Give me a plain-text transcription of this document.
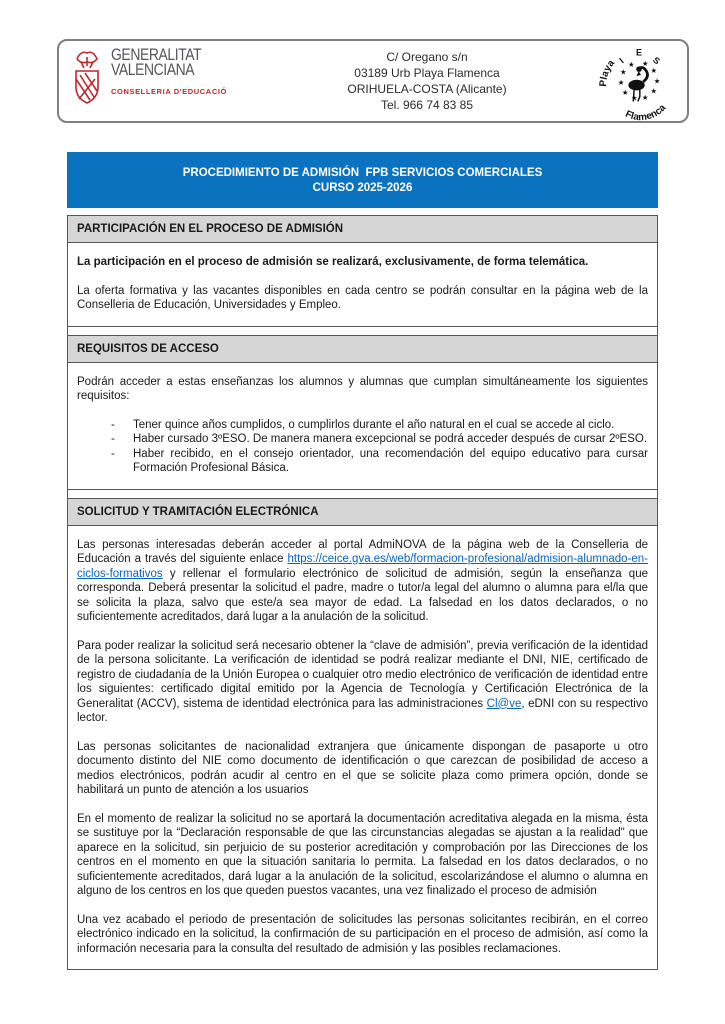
GENERALITAT
VALENCIANA
CONSELLERIA D'EDUCACIÓ
C/ Oregano s/n
03189 Urb Playa Flamenca
ORIHUELA-COSTA (Alicante)
Tel. 966 74 83 85
★
★
★
★
★
★
★
★
★
★
I
E
S
Playa
Flamenca
PROCEDIMIENTO DE ADMISIÓN  FPB SERVICIOS COMERCIALES
CURSO 2025-2026
PARTICIPACIÓN EN EL PROCESO DE ADMISIÓN

La participación en el proceso de admisión se realizará, exclusivamente, de forma telemática.

La oferta formativa y las vacantes disponibles en cada centro se podrán consultar en la página web de la Conselleria de Educación, Universidades y Empleo.

REQUISITOS DE ACCESO

Podrán acceder a estas enseñanzas los alumnos y alumnas que cumplan simultáneamente los siguientes requisitos:

- Tener quince años cumplidos, o cumplirlos durante el año natural en el cual se accede al ciclo.
- Haber cursado 3ºESO. De manera manera excepcional se podrá acceder después de cursar 2ºESO.
- Haber recibido, en el consejo orientador, una recomendación del equipo educativo para cursar Formación Profesional Básica.
SOLICITUD Y TRAMITACIÓN ELECTRÓNICA

Las personas interesadas deberán acceder al portal AdmiNOVA de la página web de la Conselleria de Educación a través del siguiente enlace https://ceice.gva.es/web/formacion-profesional/admision-alumnado-en-ciclos-formativos y rellenar el formulario electrónico de solicitud de admisión, según la enseñanza que corresponda. Deberá presentar la solicitud el padre, madre o tutor/a legal del alumno o alumna para el/la que se solicita la plaza, salvo que este/a sea mayor de edad. La falsedad en los datos declarados, o no suficientemente acreditados, dará lugar a la anulación de la solicitud.

Para poder realizar la solicitud será necesario obtener la “clave de admisión”, previa verificación de la identidad de la persona solicitante. La verificación de identidad se podrá realizar mediante el DNI, NIE, certificado de registro de ciudadanía de la Unión Europea o cualquier otro medio electrónico de verificación de identidad entre los siguientes: certificado digital emitido por la Agencia de Tecnología y Certificación Electrónica de la Generalitat (ACCV), sistema de identidad electrónica para las administraciones Cl@ve, eDNI con su respectivo lector.

Las personas solicitantes de nacionalidad extranjera que únicamente dispongan de pasaporte u otro documento distinto del NIE como documento de identificación o que carezcan de posibilidad de acceso a medios electrónicos, podrán acudir al centro en el que se solicite plaza como primera opción, donde se habilitará un punto de atención a los usuarios

En el momento de realizar la solicitud no se aportará la documentación acreditativa alegada en la misma, ésta se sustituye por la “Declaración responsable de que las circunstancias alegadas se ajustan a la realidad" que aparece en la solicitud, sin perjuicio de su posterior acreditación y comprobación por las Direcciones de los centros en el momento en que la situación sanitaria lo permita. La falsedad en los datos declarados, o no suficientemente acreditados, dará lugar a la anulación de la solicitud, escolarizándose el alumno o alumna en alguno de los centros en los que queden puestos vacantes, una vez finalizado el proceso de admisión

Una vez acabado el periodo de presentación de solicitudes las personas solicitantes recibirán, en el correo electrónico indicado en la solicitud, la confirmación de su participación en el proceso de admisión, así como la información necesaria para la consulta del resultado de admisión y las posibles reclamaciones.
